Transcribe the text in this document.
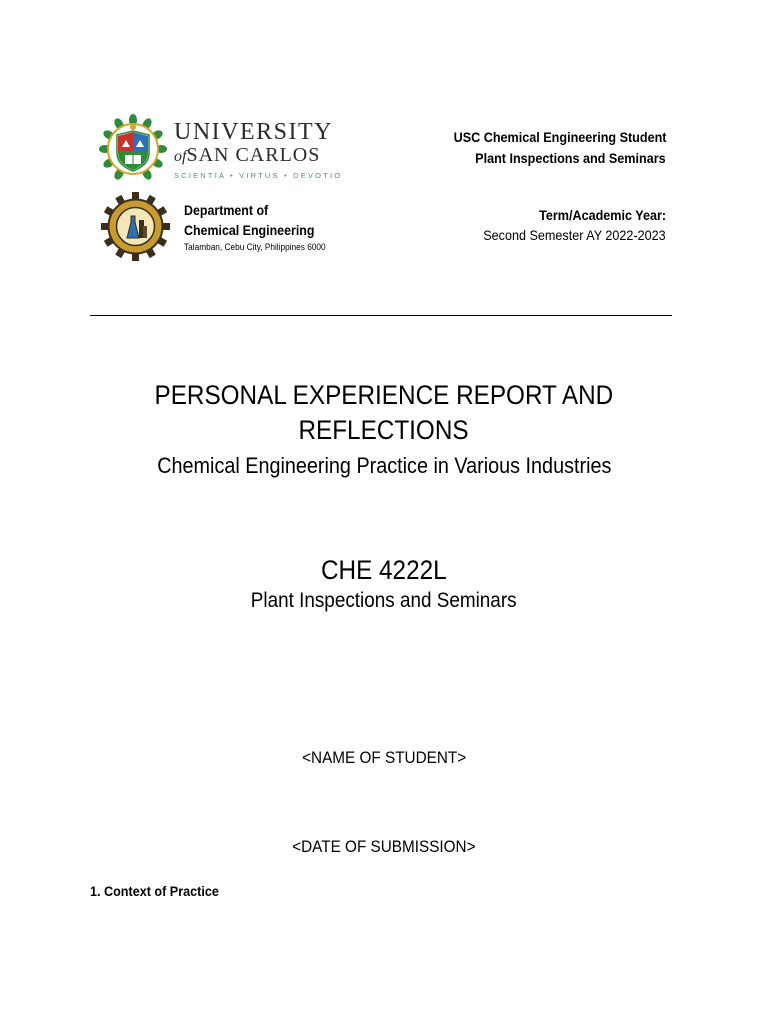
UNIVERSITY
ofSAN CARLOS
SCIENTIA • VIRTUS • DEVOTIO
Department of
Chemical Engineering
Talamban, Cebu City, Philippines 6000
USC Chemical Engineering Student
Plant Inspections and Seminars
Term/Academic Year:
Second Semester AY 2022-2023
PERSONAL EXPERIENCE REPORT AND
REFLECTIONS
Chemical Engineering Practice in Various Industries
CHE 4222L
Plant Inspections and Seminars
<NAME OF STUDENT>
<DATE OF SUBMISSION>
1. Context of Practice
